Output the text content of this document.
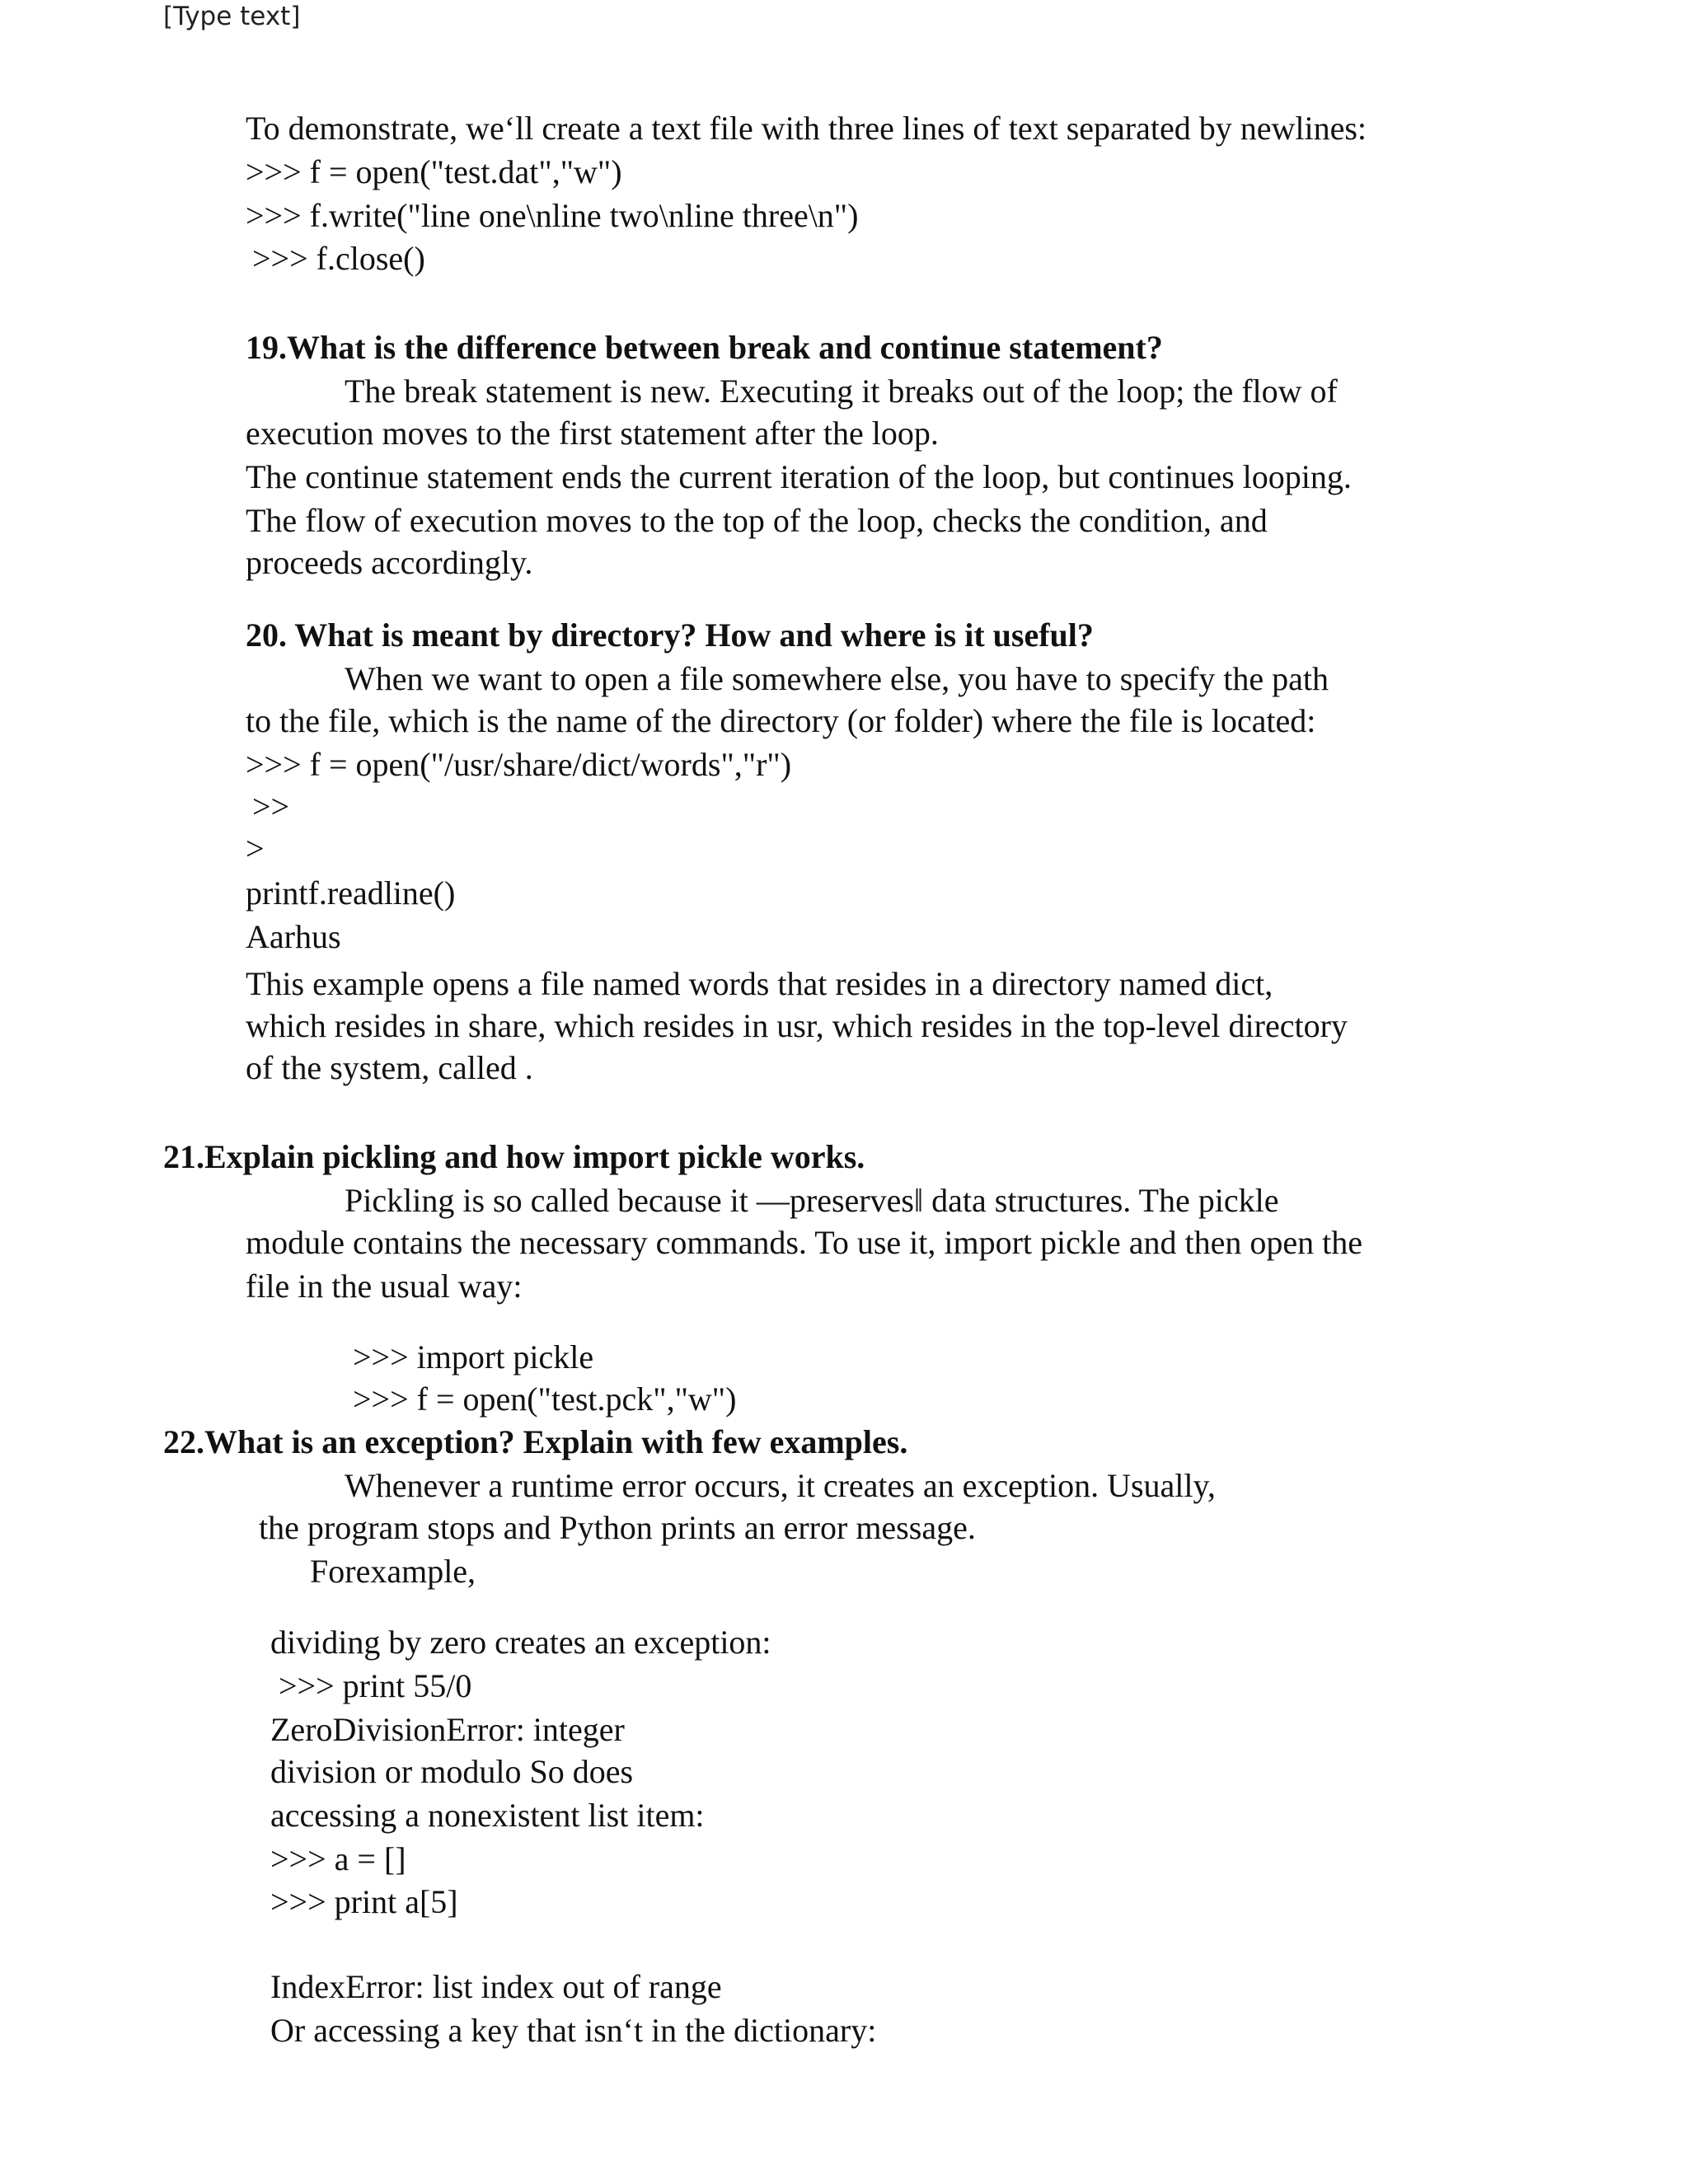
[Type text]
To demonstrate, we‘ll create a text file with three lines of text separated by newlines:
>>> f = open("test.dat","w")
>>> f.write("line one\nline two\nline three\n")
>>> f.close()
19.What is the difference between break and continue statement?
The break statement is new. Executing it breaks out of the loop; the flow of
execution moves to the first statement after the loop.
The continue statement ends the current iteration of the loop, but continues looping.
The flow of execution moves to the top of the loop, checks the condition, and
proceeds accordingly.
20. What is meant by directory? How and where is it useful?
When we want to open a file somewhere else, you have to specify the path
to the file, which is the name of the directory (or folder) where the file is located:
>>> f = open("/usr/share/dict/words","r")
>>
>
printf.readline()
Aarhus
This example opens a file named words that resides in a directory named dict,
which resides in share, which resides in usr, which resides in the top-level directory
of the system, called .
21.Explain pickling and how import pickle works.
Pickling is so called because it ―preserves‖ data structures. The pickle
module contains the necessary commands. To use it, import pickle and then open the
file in the usual way:
>>> import pickle
>>> f = open("test.pck","w")
22.What is an exception? Explain with few examples.
Whenever a runtime error occurs, it creates an exception. Usually,
the program stops and Python prints an error message.
Forexample,
dividing by zero creates an exception:
>>> print 55/0
ZeroDivisionError: integer
division or modulo So does
accessing a nonexistent list item:
>>> a = []
>>> print a[5]
IndexError: list index out of range
Or accessing a key that isn‘t in the dictionary:
